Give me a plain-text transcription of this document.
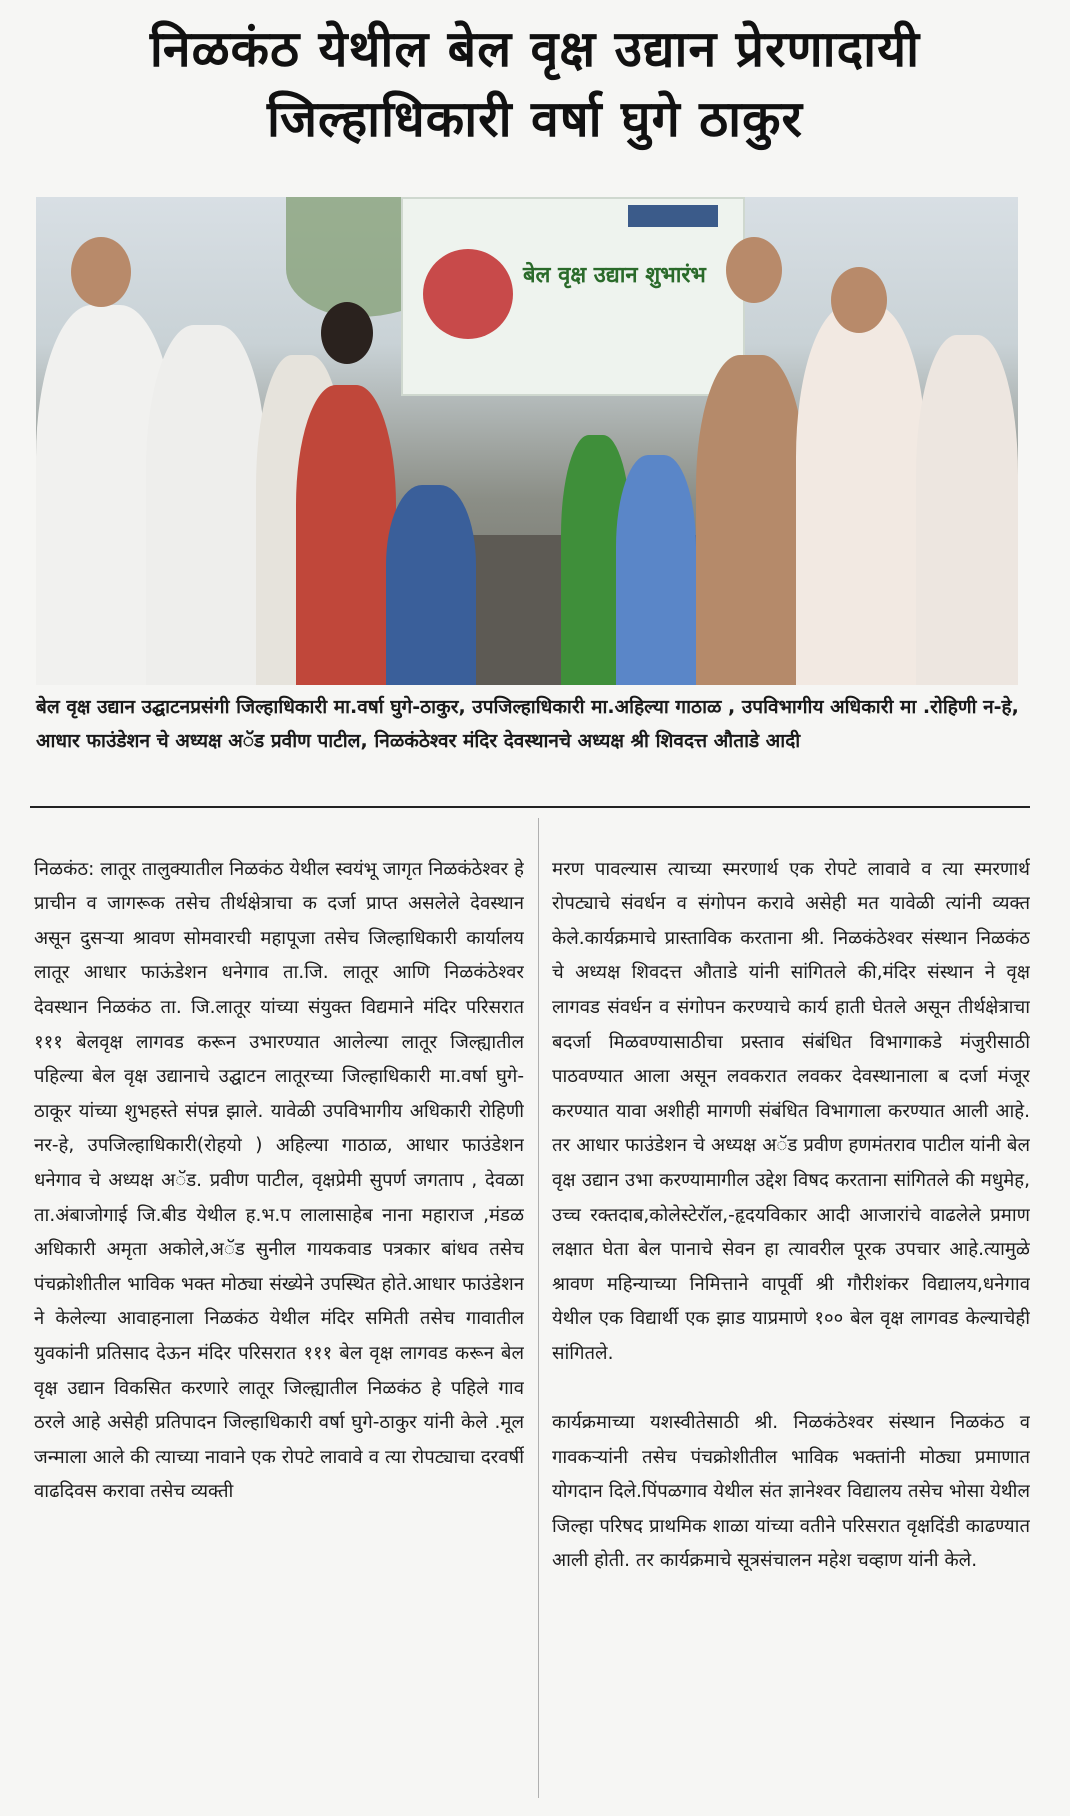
निळकंठ येथील बेल वृक्ष उद्यान प्रेरणादायी
जिल्हाधिकारी वर्षा घुगे ठाकुर
बेल वृक्ष उद्यान शुभारंभ
बेल वृक्ष उद्यान उद्घाटनप्रसंगी जिल्हाधिकारी मा.वर्षा घुगे-ठाकुर, उपजिल्हाधिकारी मा.अहिल्या गाठाळ , उपविभागीय अधिकारी मा .रोहिणी न-हे, आधार फाउंडेशन चे अध्यक्ष अॅड प्रवीण पाटील, निळकंठेश्वर मंदिर देवस्थानचे अध्यक्ष श्री शिवदत्त औताडे आदी

निळकंठ: लातूर तालुक्यातील निळकंठ येथील स्वयंभू जागृत निळकंठेश्वर हे प्राचीन व जागरूक तसेच तीर्थक्षेत्राचा क दर्जा प्राप्त असलेले देवस्थान असून दुसऱ्या श्रावण सोमवारची महापूजा तसेच जिल्हाधिकारी कार्यालय लातूर आधार फाऊंडेशन धनेगाव ता.जि. लातूर आणि निळकंठेश्वर देवस्थान निळकंठ ता. जि.लातूर यांच्या संयुक्त विद्यमाने मंदिर परिसरात १११ बेलवृक्ष लागवड करून उभारण्यात आलेल्या लातूर जिल्ह्यातील पहिल्या बेल वृक्ष उद्यानाचे उद्घाटन लातूरच्या जिल्हाधिकारी मा.वर्षा घुगे-ठाकूर यांच्या शुभहस्ते संपन्न झाले. यावेळी उपविभागीय अधिकारी रोहिणी नर-हे, उपजिल्हाधिकारी(रोहयो ) अहिल्या गाठाळ, आधार फाउंडेशन धनेगाव चे अध्यक्ष अॅड. प्रवीण पाटील, वृक्षप्रेमी सुपर्ण जगताप , देवळा ता.अंबाजोगाई जि.बीड येथील ह.भ.प लालासाहेब नाना महाराज ,मंडळ अधिकारी अमृता अकोले,अॅड सुनील गायकवाड पत्रकार बांधव तसेच पंचक्रोशीतील भाविक भक्त मोठ्या संख्येने उपस्थित होते.आधार फाउंडेशन ने केलेल्या आवाहनाला निळकंठ येथील मंदिर समिती तसेच गावातील युवकांनी प्रतिसाद देऊन मंदिर परिसरात १११ बेल वृक्ष लागवड करून बेल वृक्ष उद्यान विकसित करणारे लातूर जिल्ह्यातील निळकंठ हे पहिले गाव ठरले आहे असेही प्रतिपादन जिल्हाधिकारी वर्षा घुगे-ठाकुर यांनी केले .मूल जन्माला आले की त्याच्या नावाने एक रोपटे लावावे व त्या रोपट्याचा दरवर्षी वाढदिवस करावा तसेच व्यक्ती

मरण पावल्यास त्याच्या स्मरणार्थ एक रोपटे लावावे व त्या स्मरणार्थ रोपट्याचे संवर्धन व संगोपन करावे असेही मत यावेळी त्यांनी व्यक्त केले.कार्यक्रमाचे प्रास्ताविक करताना श्री. निळकंठेश्वर संस्थान निळकंठ चे अध्यक्ष शिवदत्त औताडे यांनी सांगितले की,मंदिर संस्थान ने वृक्ष लागवड संवर्धन व संगोपन करण्याचे कार्य हाती घेतले असून तीर्थक्षेत्राचा बदर्जा मिळवण्यासाठीचा प्रस्ताव संबंधित विभागाकडे मंजुरीसाठी पाठवण्यात आला असून लवकरात लवकर देवस्थानाला ब दर्जा मंजूर करण्यात यावा अशीही मागणी संबंधित विभागाला करण्यात आली आहे. तर आधार फाउंडेशन चे अध्यक्ष अॅड प्रवीण हणमंतराव पाटील यांनी बेल वृक्ष उद्यान उभा करण्यामागील उद्देश विषद करताना सांगितले की मधुमेह, उच्च रक्तदाब,कोलेस्टेरॉल,-हृदयविकार आदी आजारांचे वाढलेले प्रमाण लक्षात घेता बेल पानाचे सेवन हा त्यावरील पूरक उपचार आहे.त्यामुळे श्रावण महिन्याच्या निमित्ताने वापूर्वी श्री गौरीशंकर विद्यालय,धनेगाव येथील एक विद्यार्थी एक झाड याप्रमाणे १०० बेल वृक्ष लागवड केल्याचेही सांगितले.

कार्यक्रमाच्या यशस्वीतेसाठी श्री. निळकंठेश्वर संस्थान निळकंठ व गावकऱ्यांनी तसेच पंचक्रोशीतील भाविक भक्तांनी मोठ्या प्रमाणात योगदान दिले.पिंपळगाव येथील संत ज्ञानेश्वर विद्यालय तसेच भोसा येथील जिल्हा परिषद प्राथमिक शाळा यांच्या वतीने परिसरात वृक्षदिंडी काढण्यात आली होती. तर कार्यक्रमाचे सूत्रसंचालन महेश चव्हाण यांनी केले.
